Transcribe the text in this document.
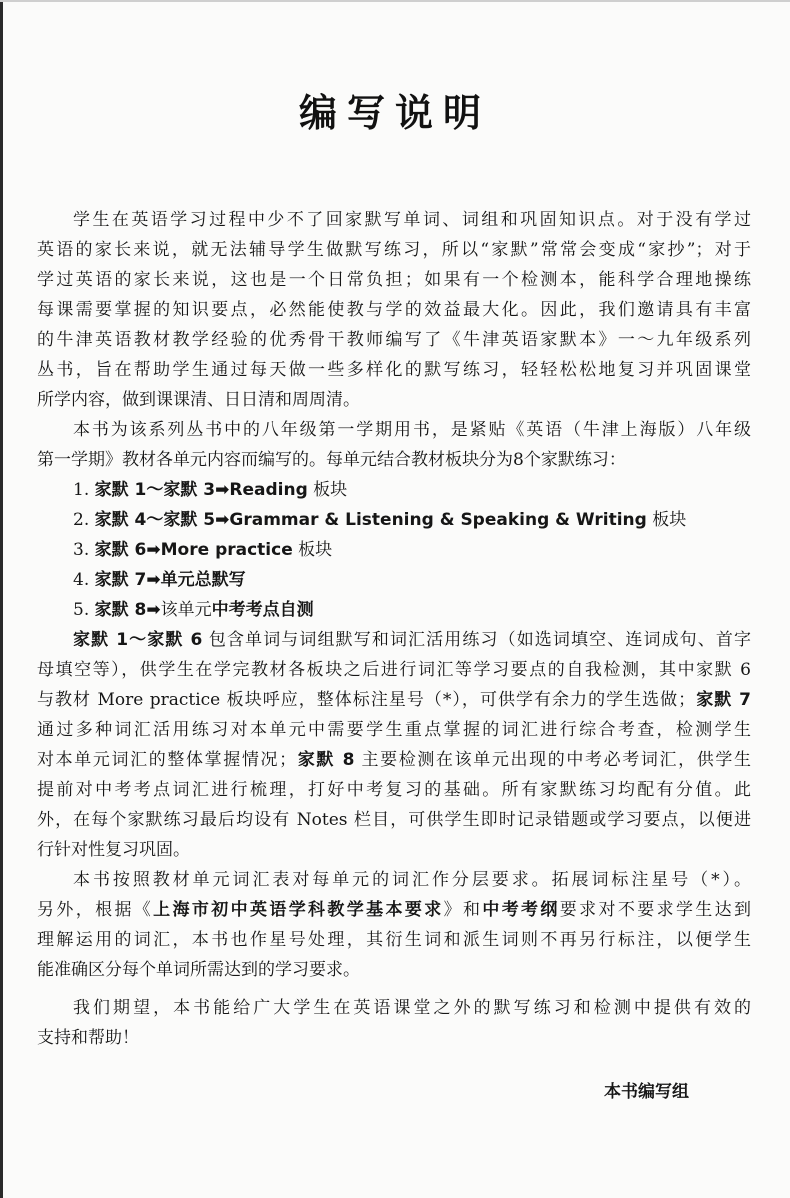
编写说明
学生在英语学习过程中少不了回家默写单词、词组和巩固知识点。对于没有学过
英语的家长来说，就无法辅导学生做默写练习，所以“家默”常常会变成“家抄”；对于
学过英语的家长来说，这也是一个日常负担；如果有一个检测本，能科学合理地操练
每课需要掌握的知识要点，必然能使教与学的效益最大化。因此，我们邀请具有丰富
的牛津英语教材教学经验的优秀骨干教师编写了《牛津英语家默本》一～九年级系列
丛书，旨在帮助学生通过每天做一些多样化的默写练习，轻轻松松地复习并巩固课堂
所学内容，做到课课清、日日清和周周清。
本书为该系列丛书中的八年级第一学期用书，是紧贴《英语（牛津上海版）八年级
第一学期》教材各单元内容而编写的。每单元结合教材板块分为8个家默练习：
1. 家默 1～家默 3➡Reading 板块
2. 家默 4～家默 5➡Grammar & Listening & Speaking & Writing 板块
3. 家默 6➡More practice 板块
4. 家默 7➡单元总默写
5. 家默 8➡该单元中考考点自测
家默 1～家默 6 包含单词与词组默写和词汇活用练习（如选词填空、连词成句、首字
母填空等），供学生在学完教材各板块之后进行词汇等学习要点的自我检测，其中家默 6
与教材 More practice 板块呼应，整体标注星号（*），可供学有余力的学生选做；家默 7
通过多种词汇活用练习对本单元中需要学生重点掌握的词汇进行综合考查，检测学生
对本单元词汇的整体掌握情况；家默 8 主要检测在该单元出现的中考必考词汇，供学生
提前对中考考点词汇进行梳理，打好中考复习的基础。所有家默练习均配有分值。此
外，在每个家默练习最后均设有 Notes 栏目，可供学生即时记录错题或学习要点，以便进
行针对性复习巩固。
本书按照教材单元词汇表对每单元的词汇作分层要求。拓展词标注星号（*）。
另外，根据《上海市初中英语学科教学基本要求》和中考考纲要求对不要求学生达到
理解运用的词汇，本书也作星号处理，其衍生词和派生词则不再另行标注，以便学生
能准确区分每个单词所需达到的学习要求。
我们期望，本书能给广大学生在英语课堂之外的默写练习和检测中提供有效的
支持和帮助！
本书编写组
